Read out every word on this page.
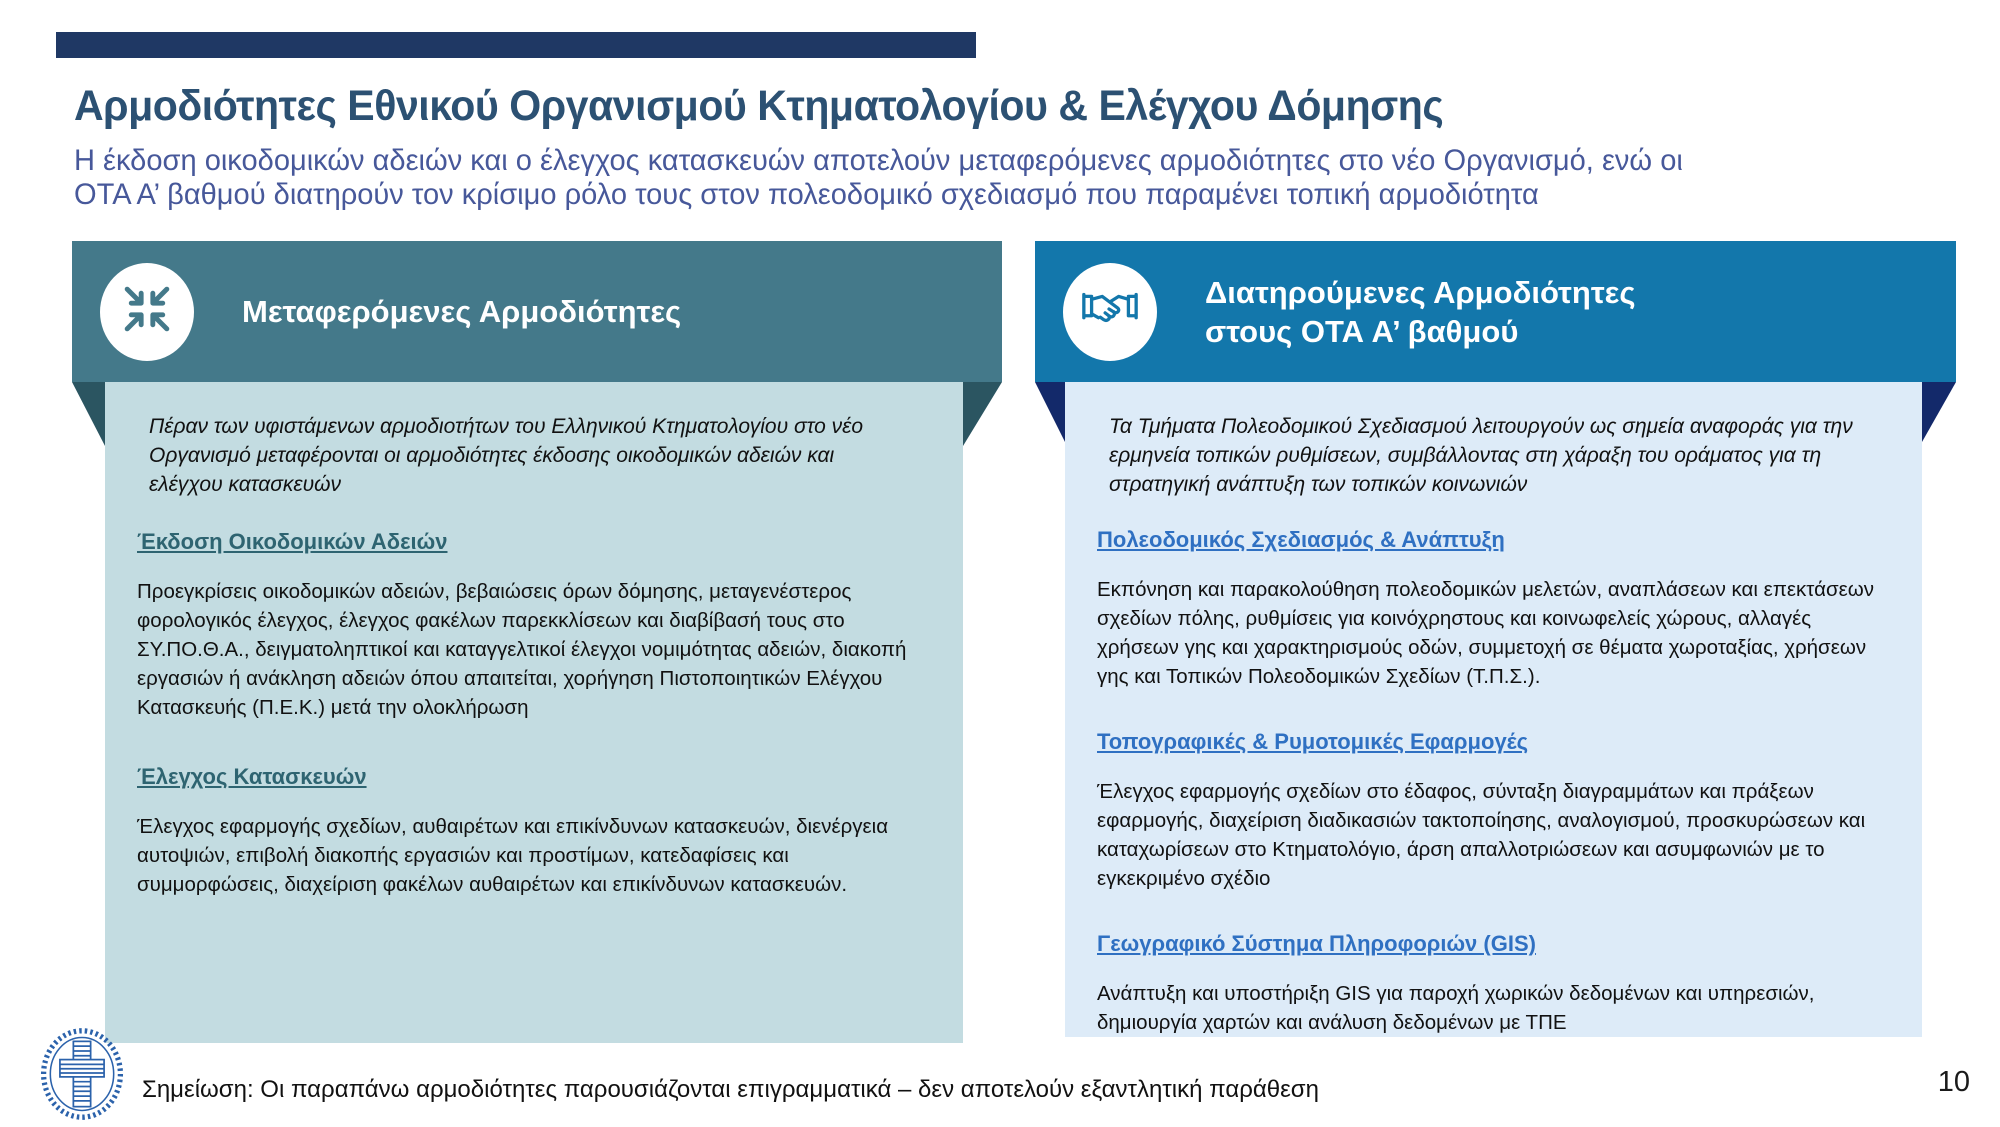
Αρμοδιότητες Εθνικού Οργανισμού Κτηματολογίου & Ελέγχου Δόμησης
Η έκδοση οικοδομικών αδειών και ο έλεγχος κατασκευών αποτελούν μεταφερόμενες αρμοδιότητες στο νέο Οργανισμό, ενώ οι
ΟΤΑ Α’ βαθμού διατηρούν τον κρίσιμο ρόλο τους στον πολεοδομικό σχεδιασμό που παραμένει τοπική αρμοδιότητα
Μεταφερόμενες Αρμοδιότητες
Πέραν των υφιστάμενων αρμοδιοτήτων του Ελληνικού Κτηματολογίου στο νέο Οργανισμό μεταφέρονται οι αρμοδιότητες έκδοσης οικοδομικών αδειών και ελέγχου κατασκευών
Έκδοση Οικοδομικών Αδειών
Προεγκρίσεις οικοδομικών αδειών, βεβαιώσεις όρων δόμησης, μεταγενέστερος φορολογικός έλεγχος, έλεγχος φακέλων παρεκκλίσεων και διαβίβασή τους στο ΣΥ.ΠΟ.Θ.Α., δειγματοληπτικοί και καταγγελτικοί έλεγχοι νομιμότητας αδειών, διακοπή εργασιών ή ανάκληση αδειών όπου απαιτείται, χορήγηση Πιστοποιητικών Ελέγχου Κατασκευής (Π.Ε.Κ.) μετά την ολοκλήρωση
Έλεγχος Κατασκευών
Έλεγχος εφαρμογής σχεδίων, αυθαιρέτων και επικίνδυνων κατασκευών, διενέργεια αυτοψιών, επιβολή διακοπής εργασιών και προστίμων, κατεδαφίσεις και συμμορφώσεις, διαχείριση φακέλων αυθαιρέτων και επικίνδυνων κατασκευών.
Διατηρούμενες Αρμοδιότητες
στους ΟΤΑ Α’ βαθμού
Τα Τμήματα Πολεοδομικού Σχεδιασμού λειτουργούν ως σημεία αναφοράς για την ερμηνεία τοπικών ρυθμίσεων, συμβάλλοντας στη χάραξη του οράματος για τη στρατηγική ανάπτυξη των τοπικών κοινωνιών
Πολεοδομικός Σχεδιασμός & Ανάπτυξη
Εκπόνηση και παρακολούθηση πολεοδομικών μελετών, αναπλάσεων και επεκτάσεων σχεδίων πόλης, ρυθμίσεις για κοινόχρηστους και κοινωφελείς χώρους, αλλαγές χρήσεων γης και χαρακτηρισμούς οδών, συμμετοχή σε θέματα χωροταξίας, χρήσεων γης και Τοπικών Πολεοδομικών Σχεδίων (Τ.Π.Σ.).
Τοπογραφικές & Ρυμοτομικές Εφαρμογές
Έλεγχος εφαρμογής σχεδίων στο έδαφος, σύνταξη διαγραμμάτων και πράξεων εφαρμογής, διαχείριση διαδικασιών τακτοποίησης, αναλογισμού, προσκυρώσεων και καταχωρίσεων στο Κτηματολόγιο, άρση απαλλοτριώσεων και ασυμφωνιών με το εγκεκριμένο σχέδιο
Γεωγραφικό Σύστημα Πληροφοριών (GIS)
Ανάπτυξη και υποστήριξη GIS για παροχή χωρικών δεδομένων και υπηρεσιών, δημιουργία χαρτών και ανάλυση δεδομένων με ΤΠΕ
Σημείωση: Οι παραπάνω αρμοδιότητες παρουσιάζονται επιγραμματικά – δεν αποτελούν εξαντλητική παράθεση	10
